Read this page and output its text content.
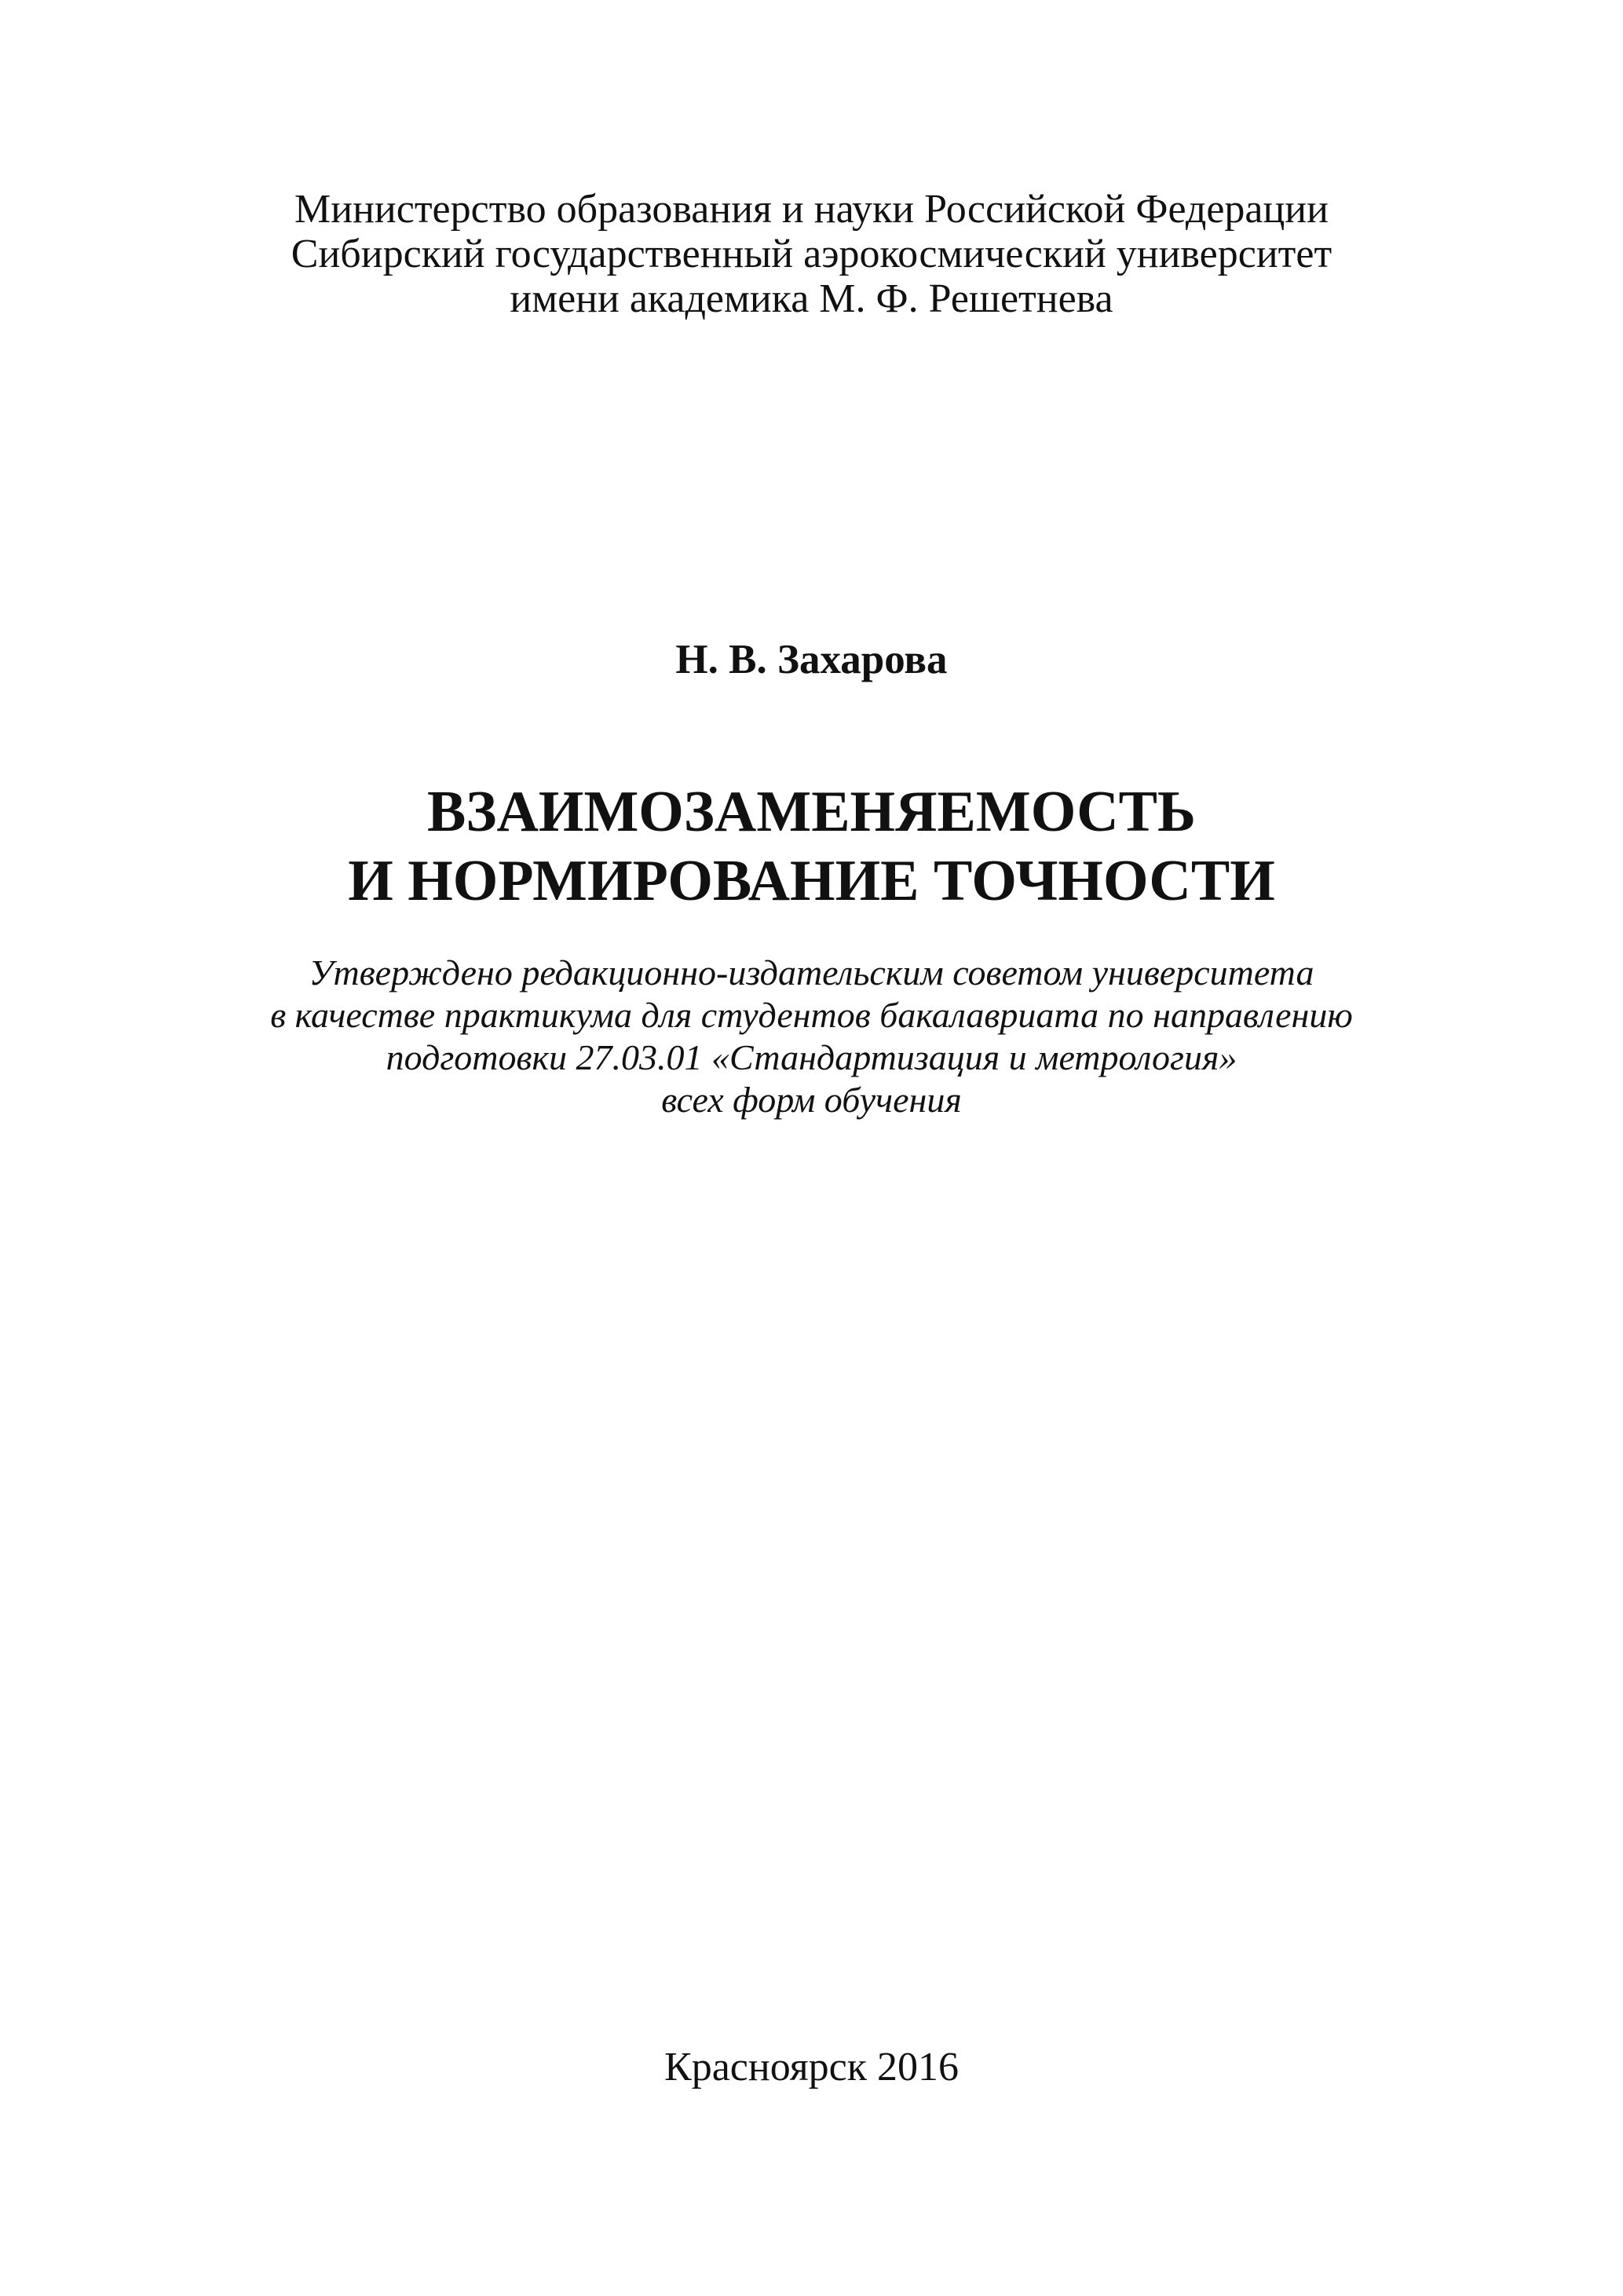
Министерство образования и науки Российской Федерации
Сибирский государственный аэрокосмический университет
имени академика М. Ф. Решетнева
Н. В. Захарова
ВЗАИМОЗАМЕНЯЕМОСТЬ
И НОРМИРОВАНИЕ ТОЧНОСТИ
Утверждено редакционно-издательским советом университета
в качестве практикума для студентов бакалавриата по направлению
подготовки 27.03.01 «Стандартизация и метрология»
всех форм обучения
Красноярск 2016
